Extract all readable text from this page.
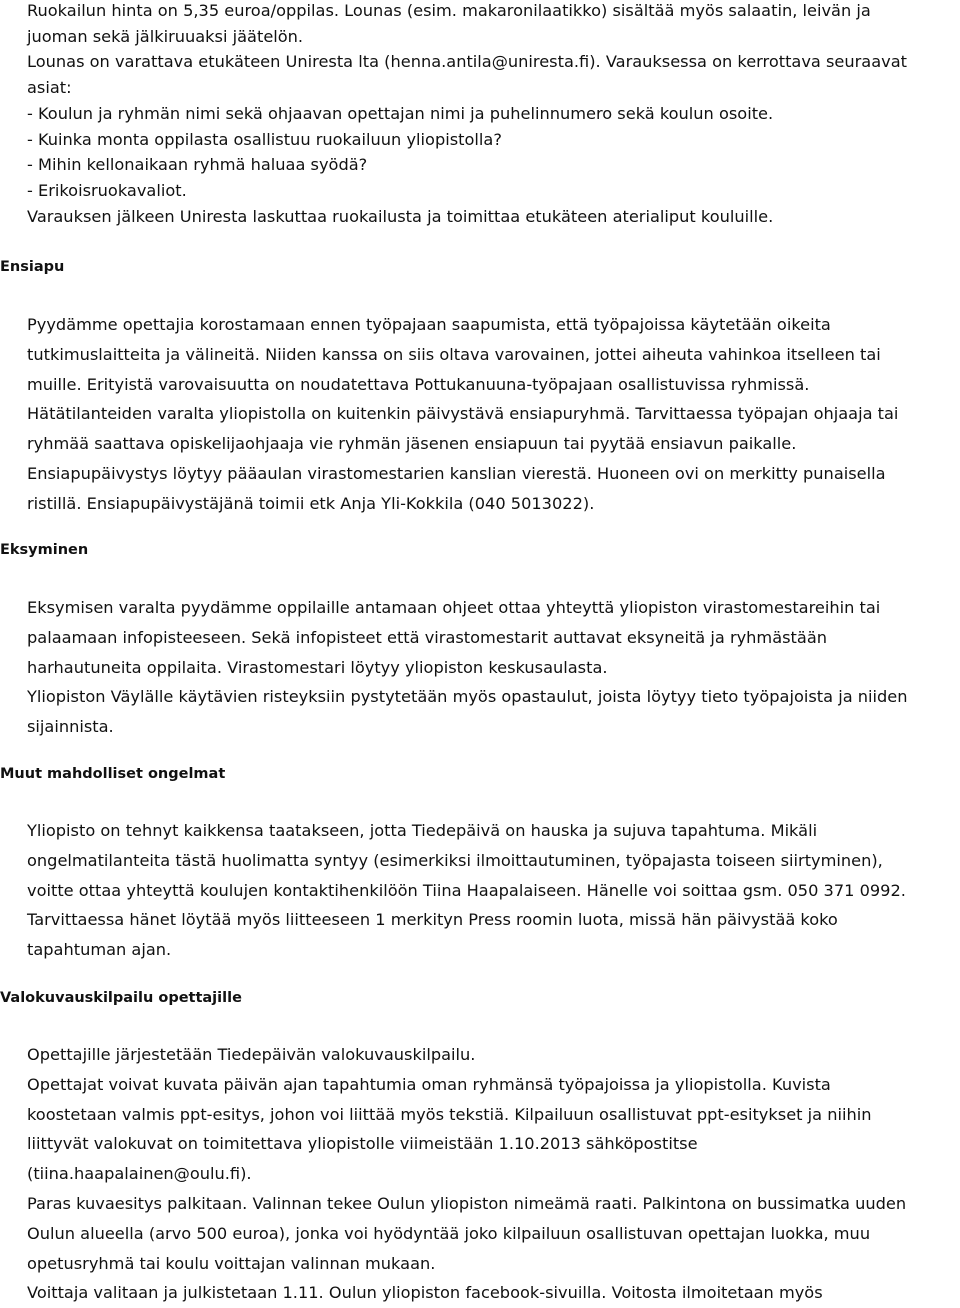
Ruokailun hinta on 5,35 euroa/oppilas. Lounas (esim. makaronilaatikko) sisältää myös salaatin, leivän ja
juoman sekä jälkiruuaksi jäätelön.
Lounas on varattava etukäteen Uniresta lta (henna.antila@uniresta.fi). Varauksessa on kerrottava seuraavat
asiat:
- Koulun ja ryhmän nimi sekä ohjaavan opettajan nimi ja puhelinnumero sekä koulun osoite.
- Kuinka monta oppilasta osallistuu ruokailuun yliopistolla?
- Mihin kellonaikaan ryhmä haluaa syödä?
- Erikoisruokavaliot.
Varauksen jälkeen Uniresta laskuttaa ruokailusta ja toimittaa etukäteen aterialiput kouluille.
Ensiapu
Pyydämme opettajia korostamaan ennen työpajaan saapumista, että työpajoissa käytetään oikeita
tutkimuslaitteita ja välineitä. Niiden kanssa on siis oltava varovainen, jottei aiheuta vahinkoa itselleen tai
muille. Erityistä varovaisuutta on noudatettava Pottukanuuna-työpajaan osallistuvissa ryhmissä.
Hätätilanteiden varalta yliopistolla on kuitenkin päivystävä ensiapuryhmä. Tarvittaessa työpajan ohjaaja tai
ryhmää saattava opiskelijaohjaaja vie ryhmän jäsenen ensiapuun tai pyytää ensiavun paikalle.
Ensiapupäivystys löytyy pääaulan virastomestarien kanslian vierestä. Huoneen ovi on merkitty punaisella
ristillä. Ensiapupäivystäjänä toimii etk Anja Yli-Kokkila (040 5013022).
Eksyminen
Eksymisen varalta pyydämme oppilaille antamaan ohjeet ottaa yhteyttä yliopiston virastomestareihin tai
palaamaan infopisteeseen. Sekä infopisteet että virastomestarit auttavat eksyneitä ja ryhmästään
harhautuneita oppilaita. Virastomestari löytyy yliopiston keskusaulasta.
Yliopiston Väylälle käytävien risteyksiin pystytetään myös opastaulut, joista löytyy tieto työpajoista ja niiden
sijainnista.
Muut mahdolliset ongelmat
Yliopisto on tehnyt kaikkensa taatakseen, jotta Tiedepäivä on hauska ja sujuva tapahtuma. Mikäli
ongelmatilanteita tästä huolimatta syntyy (esimerkiksi ilmoittautuminen, työpajasta toiseen siirtyminen),
voitte ottaa yhteyttä koulujen kontaktihenkilöön Tiina Haapalaiseen. Hänelle voi soittaa gsm. 050 371 0992.
Tarvittaessa hänet löytää myös liitteeseen 1 merkityn Press roomin luota, missä hän päivystää koko
tapahtuman ajan.
Valokuvauskilpailu opettajille
Opettajille järjestetään Tiedepäivän valokuvauskilpailu.
Opettajat voivat kuvata päivän ajan tapahtumia oman ryhmänsä työpajoissa ja yliopistolla. Kuvista
koostetaan valmis ppt-esitys, johon voi liittää myös tekstiä. Kilpailuun osallistuvat ppt-esitykset ja niihin
liittyvät valokuvat on toimitettava yliopistolle viimeistään 1.10.2013 sähköpostitse
(tiina.haapalainen@oulu.fi).
Paras kuvaesitys palkitaan. Valinnan tekee Oulun yliopiston nimeämä raati. Palkintona on bussimatka uuden
Oulun alueella (arvo 500 euroa), jonka voi hyödyntää joko kilpailuun osallistuvan opettajan luokka, muu
opetusryhmä tai koulu voittajan valinnan mukaan.
Voittaja valitaan ja julkistetaan 1.11. Oulun yliopiston facebook-sivuilla. Voitosta ilmoitetaan myös
